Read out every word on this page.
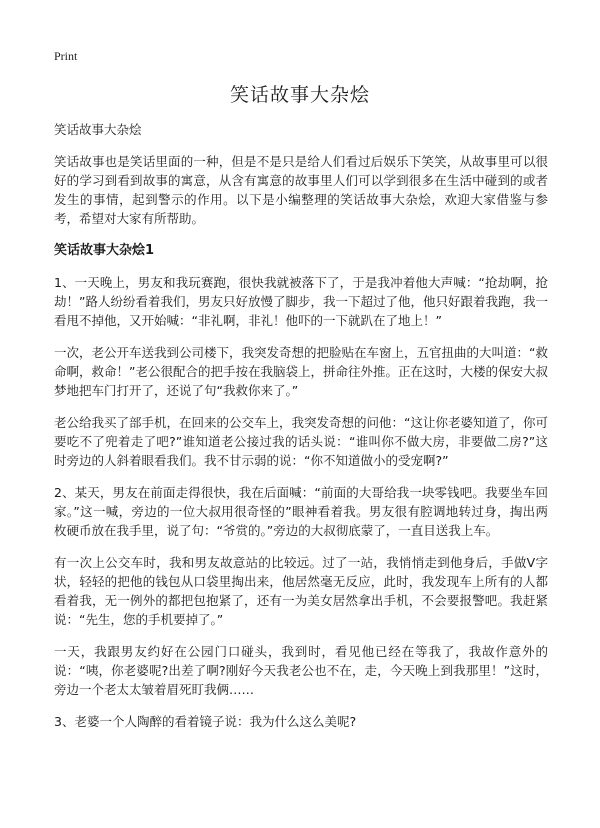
Print
笑话故事大杂烩

笑话故事大杂烩

笑话故事也是笑话里面的一种，但是不是只是给人们看过后娱乐下笑笑，从故事里可以很好的学习到看到故事的寓意，从含有寓意的故事里人们可以学到很多在生活中碰到的或者发生的事情，起到警示的作用。以下是小编整理的笑话故事大杂烩，欢迎大家借鉴与参考，希望对大家有所帮助。

笑话故事大杂烩1

1、一天晚上，男友和我玩赛跑，很快我就被落下了，于是我冲着他大声喊：“抢劫啊，抢劫！”路人纷纷看着我们，男友只好放慢了脚步，我一下超过了他，他只好跟着我跑，我一看甩不掉他，又开始喊：“非礼啊，非礼！他吓的一下就趴在了地上！”

一次，老公开车送我到公司楼下，我突发奇想的把脸贴在车窗上，五官扭曲的大叫道：“救命啊，救命！”老公很配合的把手按在我脑袋上，拼命往外推。正在这时，大楼的保安大叔梦地把车门打开了，还说了句“我救你来了。”

老公给我买了部手机，在回来的公交车上，我突发奇想的问他：“这让你老婆知道了，你可要吃不了兜着走了吧?”谁知道老公接过我的话头说：“谁叫你不做大房，非要做二房?”这时旁边的人斜着眼看我们。我不甘示弱的说：“你不知道做小的受宠啊?”

2、某天，男友在前面走得很快，我在后面喊：“前面的大哥给我一块零钱吧。我要坐车回家。”这一喊，旁边的一位大叔用很奇怪的”眼神看着我。男友很有腔调地转过身，掏出两枚硬币放在我手里，说了句：“爷赏的。”旁边的大叔彻底蒙了，一直目送我上车。

有一次上公交车时，我和男友故意站的比较远。过了一站，我悄悄走到他身后，手做V字状，轻轻的把他的钱包从口袋里掏出来，他居然毫无反应，此时，我发现车上所有的人都看着我，无一例外的都把包抱紧了，还有一为美女居然拿出手机，不会要报警吧。我赶紧说：“先生，您的手机要掉了。”

一天，我跟男友约好在公园门口碰头，我到时，看见他已经在等我了，我故作意外的说：“咦，你老婆呢?出差了啊?刚好今天我老公也不在，走，今天晚上到我那里！”这时，旁边一个老太太皱着眉死盯我俩……

3、老婆一个人陶醉的看着镜子说：我为什么这么美呢?
